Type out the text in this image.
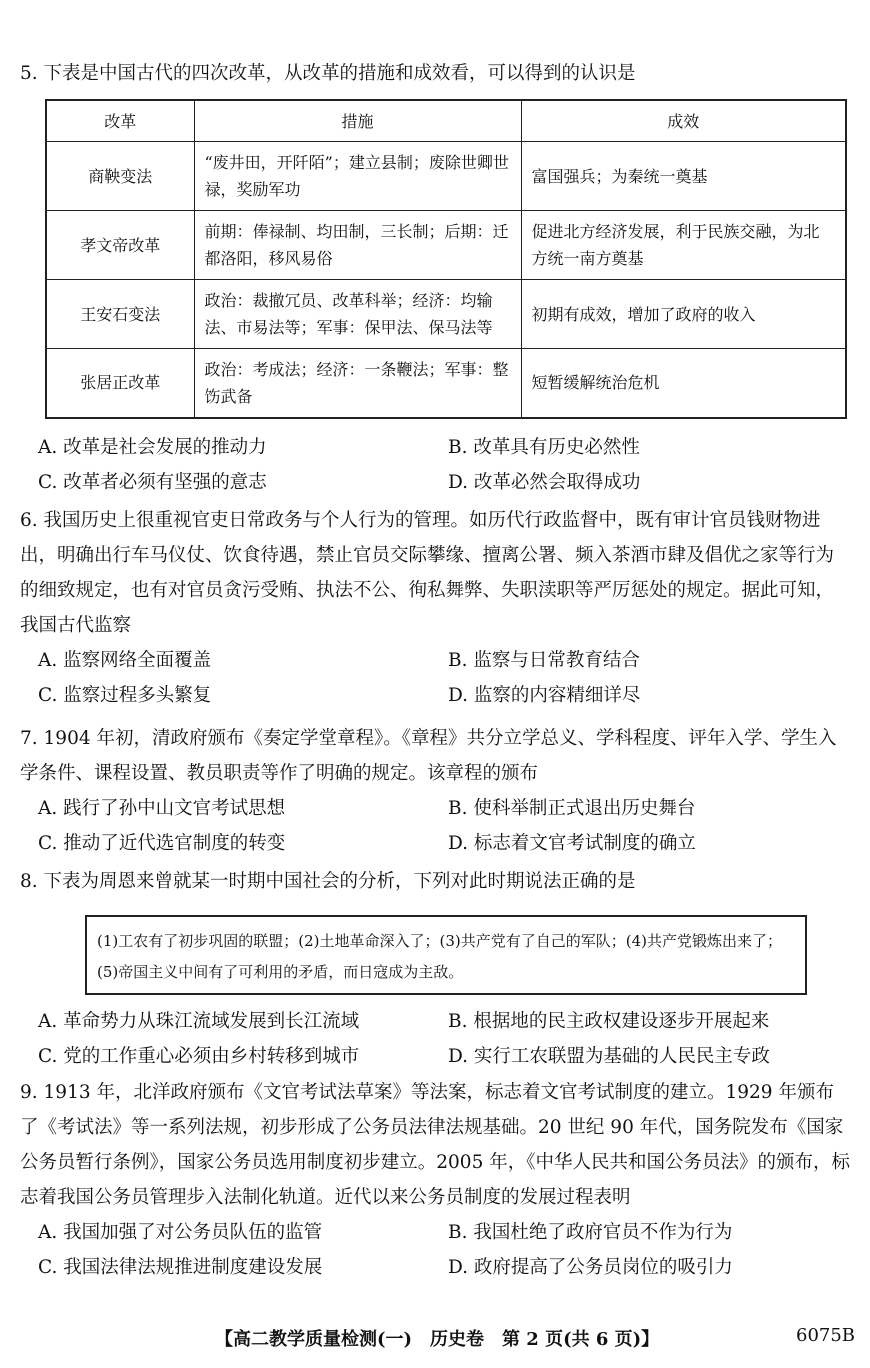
5. 下表是中国古代的四次改革，从改革的措施和成效看，可以得到的认识是
改革	措施	成效
商鞅变法	“废井田，开阡陌”；建立县制；废除世卿世禄，奖励军功	富国强兵；为秦统一奠基
孝文帝改革	前期：俸禄制、均田制，三长制；后期：迁都洛阳，移风易俗	促进北方经济发展，利于民族交融，为北方统一南方奠基
王安石变法	政治：裁撤冗员、改革科举；经济：均输法、市易法等；军事：保甲法、保马法等	初期有成效，增加了政府的收入
张居正改革	政治：考成法；经济：一条鞭法；军事：整饬武备	短暂缓解统治危机
A. 改革是社会发展的推动力	B. 改革具有历史必然性
C. 改革者必须有坚强的意志	D. 改革必然会取得成功
6. 我国历史上很重视官吏日常政务与个人行为的管理。如历代行政监督中，既有审计官员钱财物进出，明确出行车马仪仗、饮食待遇，禁止官员交际攀缘、擅离公署、频入茶酒市肆及倡优之家等行为的细致规定，也有对官员贪污受贿、执法不公、徇私舞弊、失职渎职等严厉惩处的规定。据此可知，我国古代监察
A. 监察网络全面覆盖	B. 监察与日常教育结合
C. 监察过程多头繁复	D. 监察的内容精细详尽
7. 1904 年初，清政府颁布《奏定学堂章程》。《章程》共分立学总义、学科程度、评年入学、学生入学条件、课程设置、教员职责等作了明确的规定。该章程的颁布
A. 践行了孙中山文官考试思想	B. 使科举制正式退出历史舞台
C. 推动了近代选官制度的转变	D. 标志着文官考试制度的确立
8. 下表为周恩来曾就某一时期中国社会的分析，下列对此时期说法正确的是
(1)工农有了初步巩固的联盟；(2)土地革命深入了；(3)共产党有了自己的军队；(4)共产党锻炼出来了；(5)帝国主义中间有了可利用的矛盾，而日寇成为主敌。
A. 革命势力从珠江流域发展到长江流域	B. 根据地的民主政权建设逐步开展起来
C. 党的工作重心必须由乡村转移到城市	D. 实行工农联盟为基础的人民民主专政
9. 1913 年，北洋政府颁布《文官考试法草案》等法案，标志着文官考试制度的建立。1929 年颁布了《考试法》等一系列法规，初步形成了公务员法律法规基础。20 世纪 90 年代，国务院发布《国家公务员暂行条例》，国家公务员选用制度初步建立。2005 年，《中华人民共和国公务员法》的颁布，标志着我国公务员管理步入法制化轨道。近代以来公务员制度的发展过程表明
A. 我国加强了对公务员队伍的监管	B. 我国杜绝了政府官员不作为行为
C. 我国法律法规推进制度建设发展	D. 政府提高了公务员岗位的吸引力
【高二教学质量检测(一)　历史卷　第 2 页(共 6 页)】	6075B
